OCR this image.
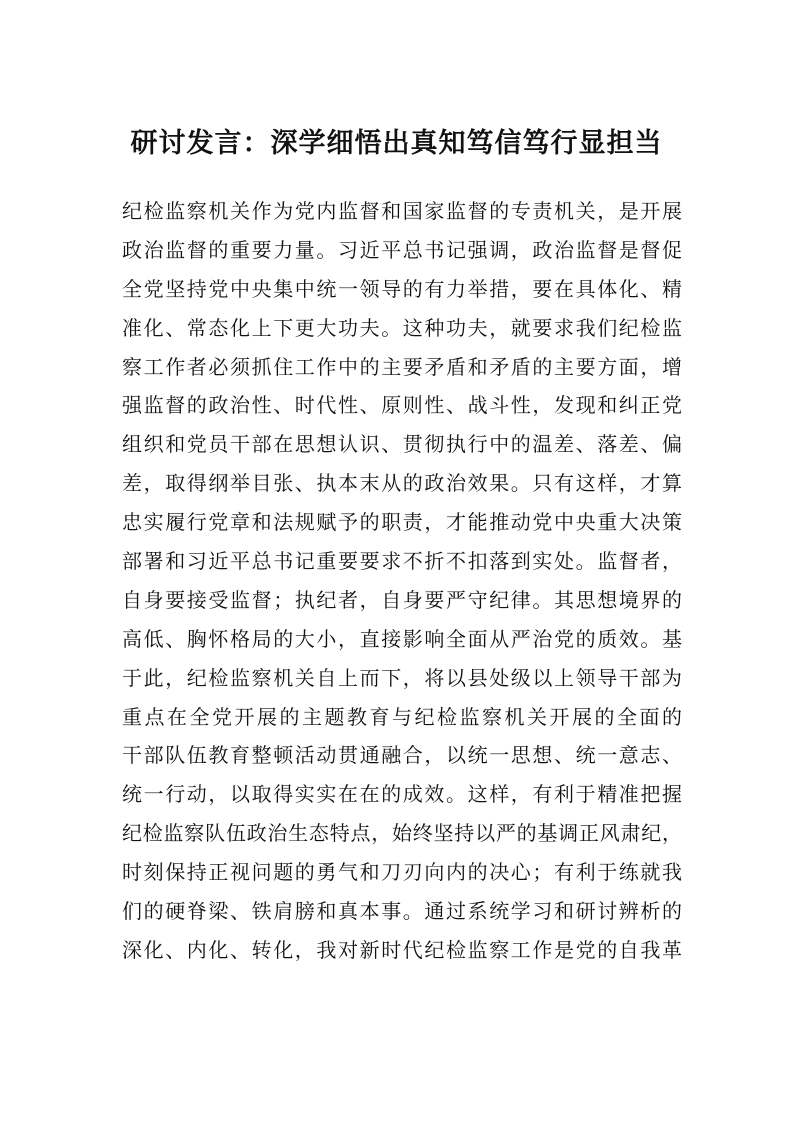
研讨发言：深学细悟出真知笃信笃行显担当
纪检监察机关作为党内监督和国家监督的专责机关，是开展
政治监督的重要力量。习近平总书记强调，政治监督是督促
全党坚持党中央集中统一领导的有力举措，要在具体化、精
准化、常态化上下更大功夫。这种功夫，就要求我们纪检监
察工作者必须抓住工作中的主要矛盾和矛盾的主要方面，增
强监督的政治性、时代性、原则性、战斗性，发现和纠正党
组织和党员干部在思想认识、贯彻执行中的温差、落差、偏
差，取得纲举目张、执本末从的政治效果。只有这样，才算
忠实履行党章和法规赋予的职责，才能推动党中央重大决策
部署和习近平总书记重要要求不折不扣落到实处。监督者，
自身要接受监督；执纪者，自身要严守纪律。其思想境界的
高低、胸怀格局的大小，直接影响全面从严治党的质效。基
于此，纪检监察机关自上而下，将以县处级以上领导干部为
重点在全党开展的主题教育与纪检监察机关开展的全面的
干部队伍教育整顿活动贯通融合，以统一思想、统一意志、
统一行动，以取得实实在在的成效。这样，有利于精准把握
纪检监察队伍政治生态特点，始终坚持以严的基调正风肃纪，
时刻保持正视问题的勇气和刀刃向内的决心；有利于练就我
们的硬脊梁、铁肩膀和真本事。通过系统学习和研讨辨析的
深化、内化、转化，我对新时代纪检监察工作是党的自我革
